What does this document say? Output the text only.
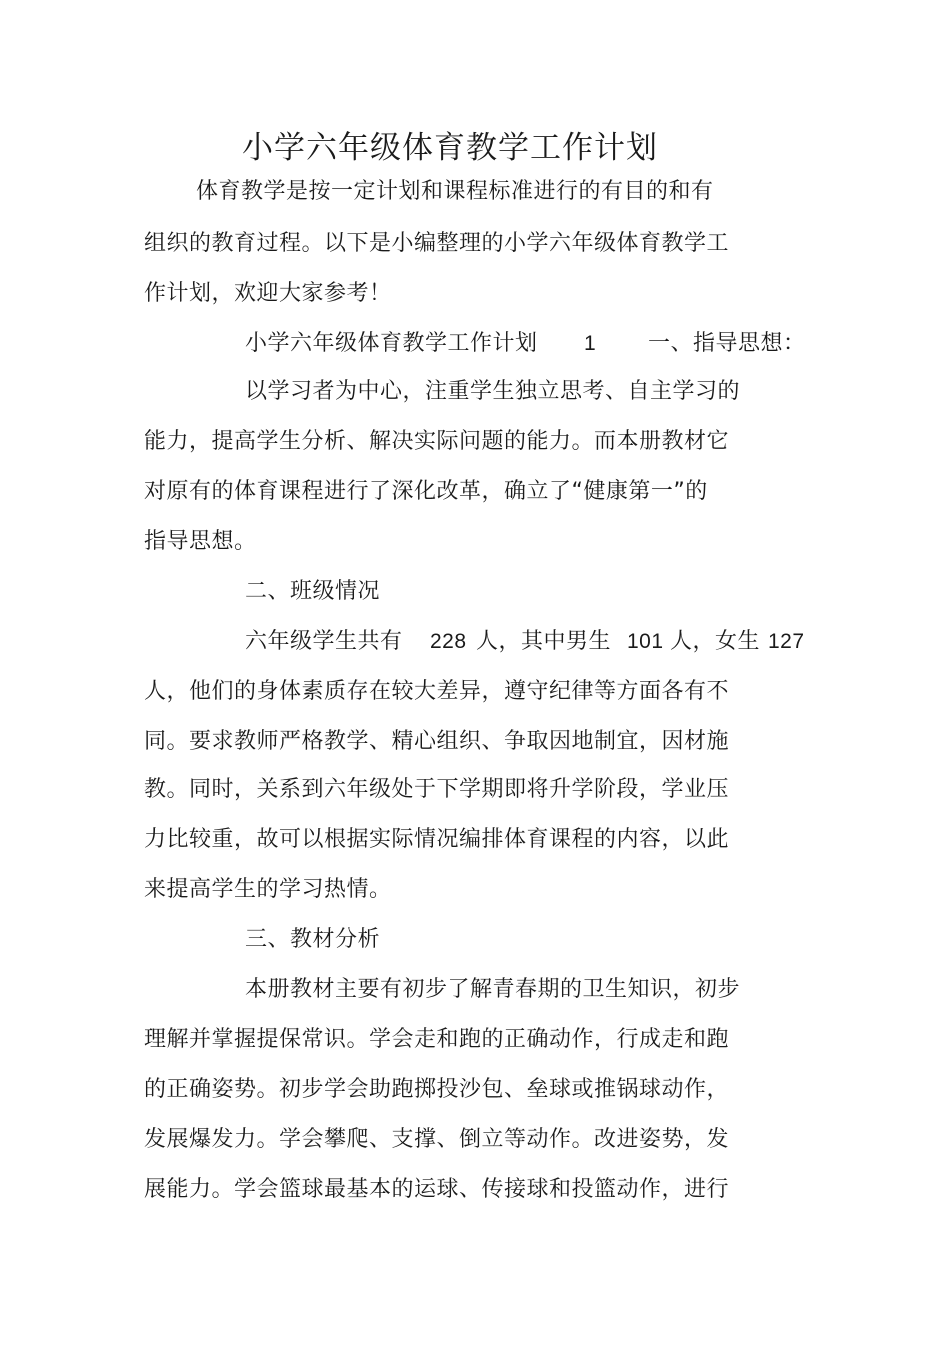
小学六年级体育教学工作计划
体育教学是按一定计划和课程标准进行的有目的和有
组织的教育过程。以下是小编整理的小学六年级体育教学工
作计划，欢迎大家参考！
小学六年级体育教学工作计划 1 一、指导思想：
以学习者为中心，注重学生独立思考、自主学习的
能力，提高学生分析、解决实际问题的能力。而本册教材它
对原有的体育课程进行了深化改革，确立了“健康第一”的
指导思想。
二、班级情况
六年级学生共有 228 人，其中男生 101 人，女生 127
人，他们的身体素质存在较大差异，遵守纪律等方面各有不
同。要求教师严格教学、精心组织、争取因地制宜，因材施
教。同时，关系到六年级处于下学期即将升学阶段，学业压
力比较重，故可以根据实际情况编排体育课程的内容，以此
来提高学生的学习热情。
三、教材分析
本册教材主要有初步了解青春期的卫生知识，初步
理解并掌握提保常识。学会走和跑的正确动作，行成走和跑
的正确姿势。初步学会助跑掷投沙包、垒球或推锅球动作，
发展爆发力。学会攀爬、支撑、倒立等动作。改进姿势，发
展能力。学会篮球最基本的运球、传接球和投篮动作，进行
